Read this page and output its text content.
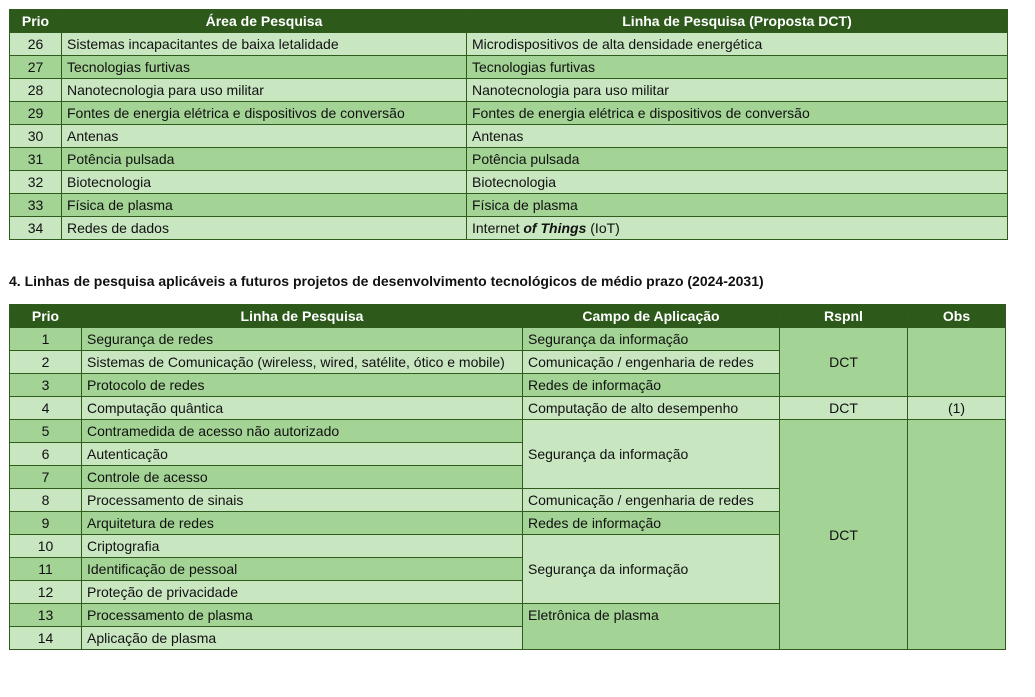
Prio	Área de Pesquisa	Linha de Pesquisa (Proposta DCT)
26	Sistemas incapacitantes de baixa letalidade	Microdispositivos de alta densidade energética
27	Tecnologias furtivas	Tecnologias furtivas
28	Nanotecnologia para uso militar	Nanotecnologia para uso militar
29	Fontes de energia elétrica e dispositivos de conversão	Fontes de energia elétrica e dispositivos de conversão
30	Antenas	Antenas
31	Potência pulsada	Potência pulsada
32	Biotecnologia	Biotecnologia
33	Física de plasma	Física de plasma
34	Redes de dados	Internet of Things (IoT)

4. Linhas de pesquisa aplicáveis a futuros projetos de desenvolvimento tecnológicos de médio prazo (2024-2031)

Prio	Linha de Pesquisa	Campo de Aplicação	Rspnl	Obs
1	Segurança de redes	Segurança da informação	DCT	
2	Sistemas de Comunicação (wireless, wired, satélite, ótico e mobile)	Comunicação / engenharia de redes		
3	Protocolo de redes	Redes de informação		
4	Computação quântica	Computação de alto desempenho	DCT	(1)
5	Contramedida de acesso não autorizado	Segurança da informação	DCT	
6	Autenticação			
7	Controle de acesso			
8	Processamento de sinais	Comunicação / engenharia de redes		
9	Arquitetura de redes	Redes de informação		
10	Criptografia	Segurança da informação		
11	Identificação de pessoal			
12	Proteção de privacidade			
13	Processamento de plasma	Eletrônica de plasma		
14	Aplicação de plasma			
